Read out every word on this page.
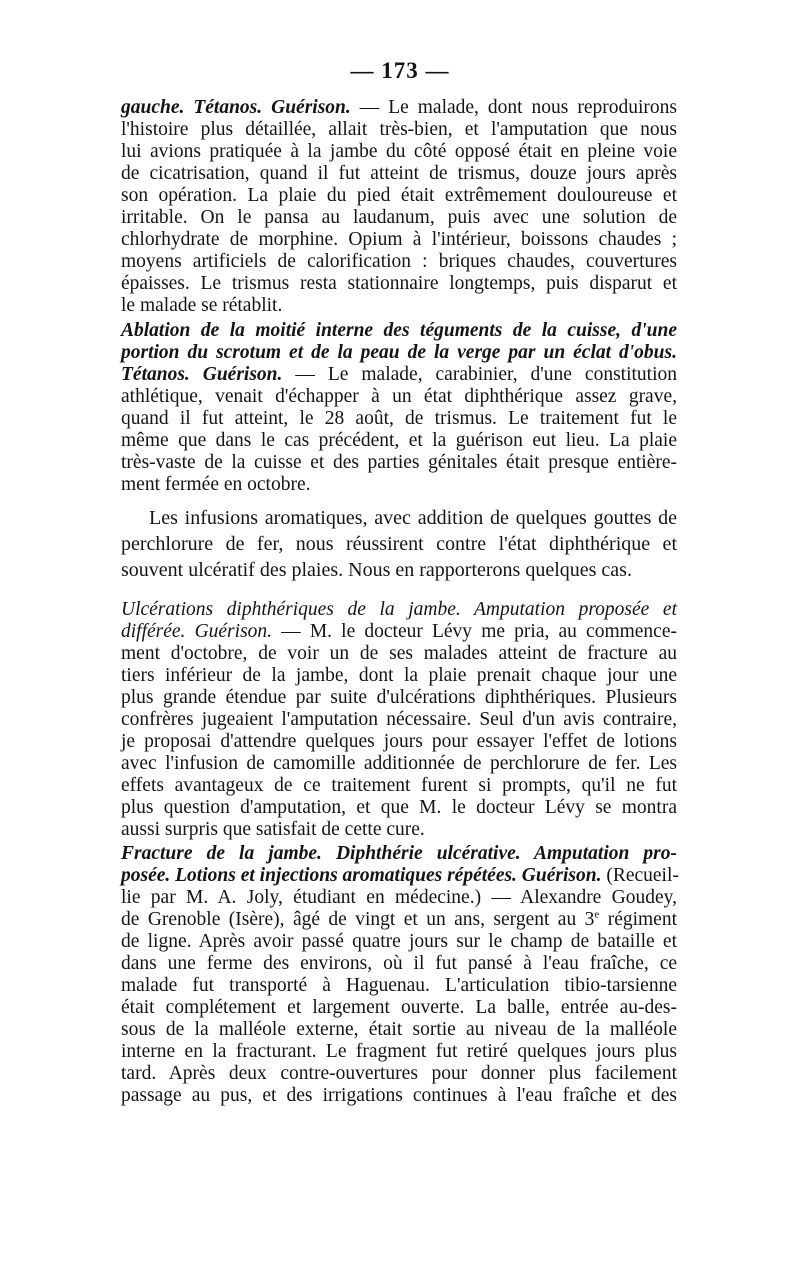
— 173 —
gauche. Tétanos. Guérison. — Le malade, dont nous reproduirons
l'histoire plus détaillée, allait très-bien, et l'amputation que nous
lui avions pratiquée à la jambe du côté opposé était en pleine voie
de cicatrisation, quand il fut atteint de trismus, douze jours après
son opération. La plaie du pied était extrêmement douloureuse et
irritable. On le pansa au laudanum, puis avec une solution de
chlorhydrate de morphine. Opium à l'intérieur, boissons chaudes ;
moyens artificiels de calorification : briques chaudes, couvertures
épaisses. Le trismus resta stationnaire longtemps, puis disparut et
le malade se rétablit.
Ablation de la moitié interne des téguments de la cuisse, d'une
portion du scrotum et de la peau de la verge par un éclat d'obus.
Tétanos. Guérison. — Le malade, carabinier, d'une constitution
athlétique, venait d'échapper à un état diphthérique assez grave,
quand il fut atteint, le 28 août, de trismus. Le traitement fut le
même que dans le cas précédent, et la guérison eut lieu. La plaie
très-vaste de la cuisse et des parties génitales était presque entière-
ment fermée en octobre.
Les infusions aromatiques, avec addition de quelques gouttes de
perchlorure de fer, nous réussirent contre l'état diphthérique et
souvent ulcératif des plaies. Nous en rapporterons quelques cas.
Ulcérations diphthériques de la jambe. Amputation proposée et
différée. Guérison. — M. le docteur Lévy me pria, au commence-
ment d'octobre, de voir un de ses malades atteint de fracture au
tiers inférieur de la jambe, dont la plaie prenait chaque jour une
plus grande étendue par suite d'ulcérations diphthériques. Plusieurs
confrères jugeaient l'amputation nécessaire. Seul d'un avis contraire,
je proposai d'attendre quelques jours pour essayer l'effet de lotions
avec l'infusion de camomille additionnée de perchlorure de fer. Les
effets avantageux de ce traitement furent si prompts, qu'il ne fut
plus question d'amputation, et que M. le docteur Lévy se montra
aussi surpris que satisfait de cette cure.
Fracture de la jambe. Diphthérie ulcérative. Amputation pro-
posée. Lotions et injections aromatiques répétées. Guérison. (Recueil-
lie par M. A. Joly, étudiant en médecine.) — Alexandre Goudey,
de Grenoble (Isère), âgé de vingt et un ans, sergent au 3e régiment
de ligne. Après avoir passé quatre jours sur le champ de bataille et
dans une ferme des environs, où il fut pansé à l'eau fraîche, ce
malade fut transporté à Haguenau. L'articulation tibio-tarsienne
était complétement et largement ouverte. La balle, entrée au-des-
sous de la malléole externe, était sortie au niveau de la malléole
interne en la fracturant. Le fragment fut retiré quelques jours plus
tard. Après deux contre-ouvertures pour donner plus facilement
passage au pus, et des irrigations continues à l'eau fraîche et des
